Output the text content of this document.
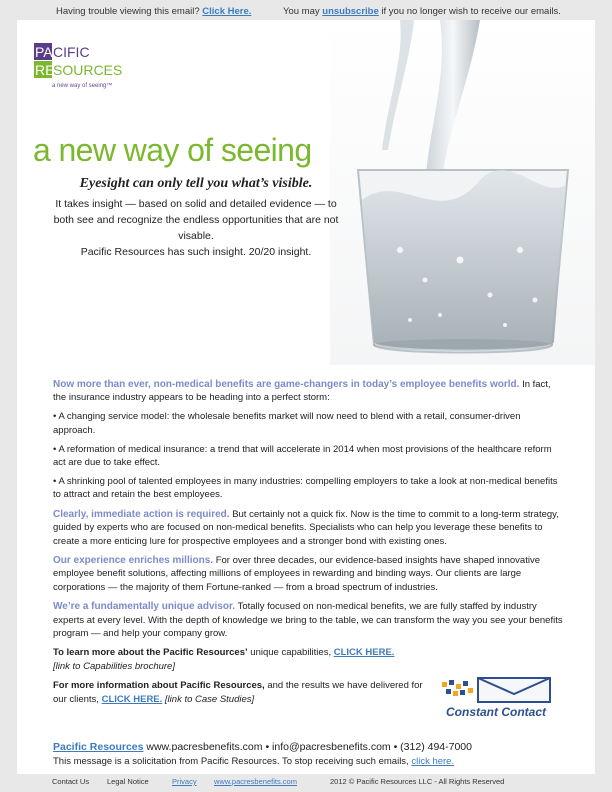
Having trouble viewing this email? Click Here.	You may unsubscribe if you no longer wish to receive our emails.
PA CIFIC
RE
SOURCES
a new way of seeing™
a new way of seeing
Eyesight can only tell you what’s visible.
It takes insight — based on solid and detailed evidence — to both see and recognize the endless opportunities that are not visable.
Pacific Resources has such insight. 20/20 insight.

Now more than ever, non-medical benefits are game-changers in today’s employee benefits world. In fact, the insurance industry appears to be heading into a perfect storm:

• A changing service model: the wholesale benefits market will now need to blend with a retail, consumer-driven approach.

• A reformation of medical insurance: a trend that will accelerate in 2014 when most provisions of the healthcare reform act are due to take effect.

• A shrinking pool of talented employees in many industries: compelling employers to take a look at non-medical benefits to attract and retain the best employees.

Clearly, immediate action is required. But certainly not a quick fix. Now is the time to commit to a long-term strategy, guided by experts who are focused on non-medical benefits. Specialists who can help you leverage these benefits to create a more enticing lure for prospective employees and a stronger bond with existing ones.

Our experience enriches millions. For over three decades, our evidence-based insights have shaped innovative employee benefit solutions, affecting millions of employees in rewarding and binding ways. Our clients are large corporations — the majority of them Fortune-ranked — from a broad spectrum of industries.

We’re a fundamentally unique advisor. Totally focused on non-medical benefits, we are fully staffed by industry experts at every level. With the depth of knowledge we bring to the table, we can transform the way you see your benefits program — and help your company grow.

To learn more about the Pacific Resources’ unique capabilities, CLICK HERE.
[link to Capabilities brochure]

For more information about Pacific Resources, and the results we have delivered for our clients, CLICK HERE. [link to Case Studies]

Constant Contact
Pacific Resources www.pacresbenefits.com • info@pacresbenefits.com • (312) 494-7000
This message is a solicitation from Pacific Resources. To stop receiving such emails, click here.
Contact Us Legal Notice	Privacy www.pacresbenefits.com	2012 © Pacific Resources LLC - All Rights Reserved
